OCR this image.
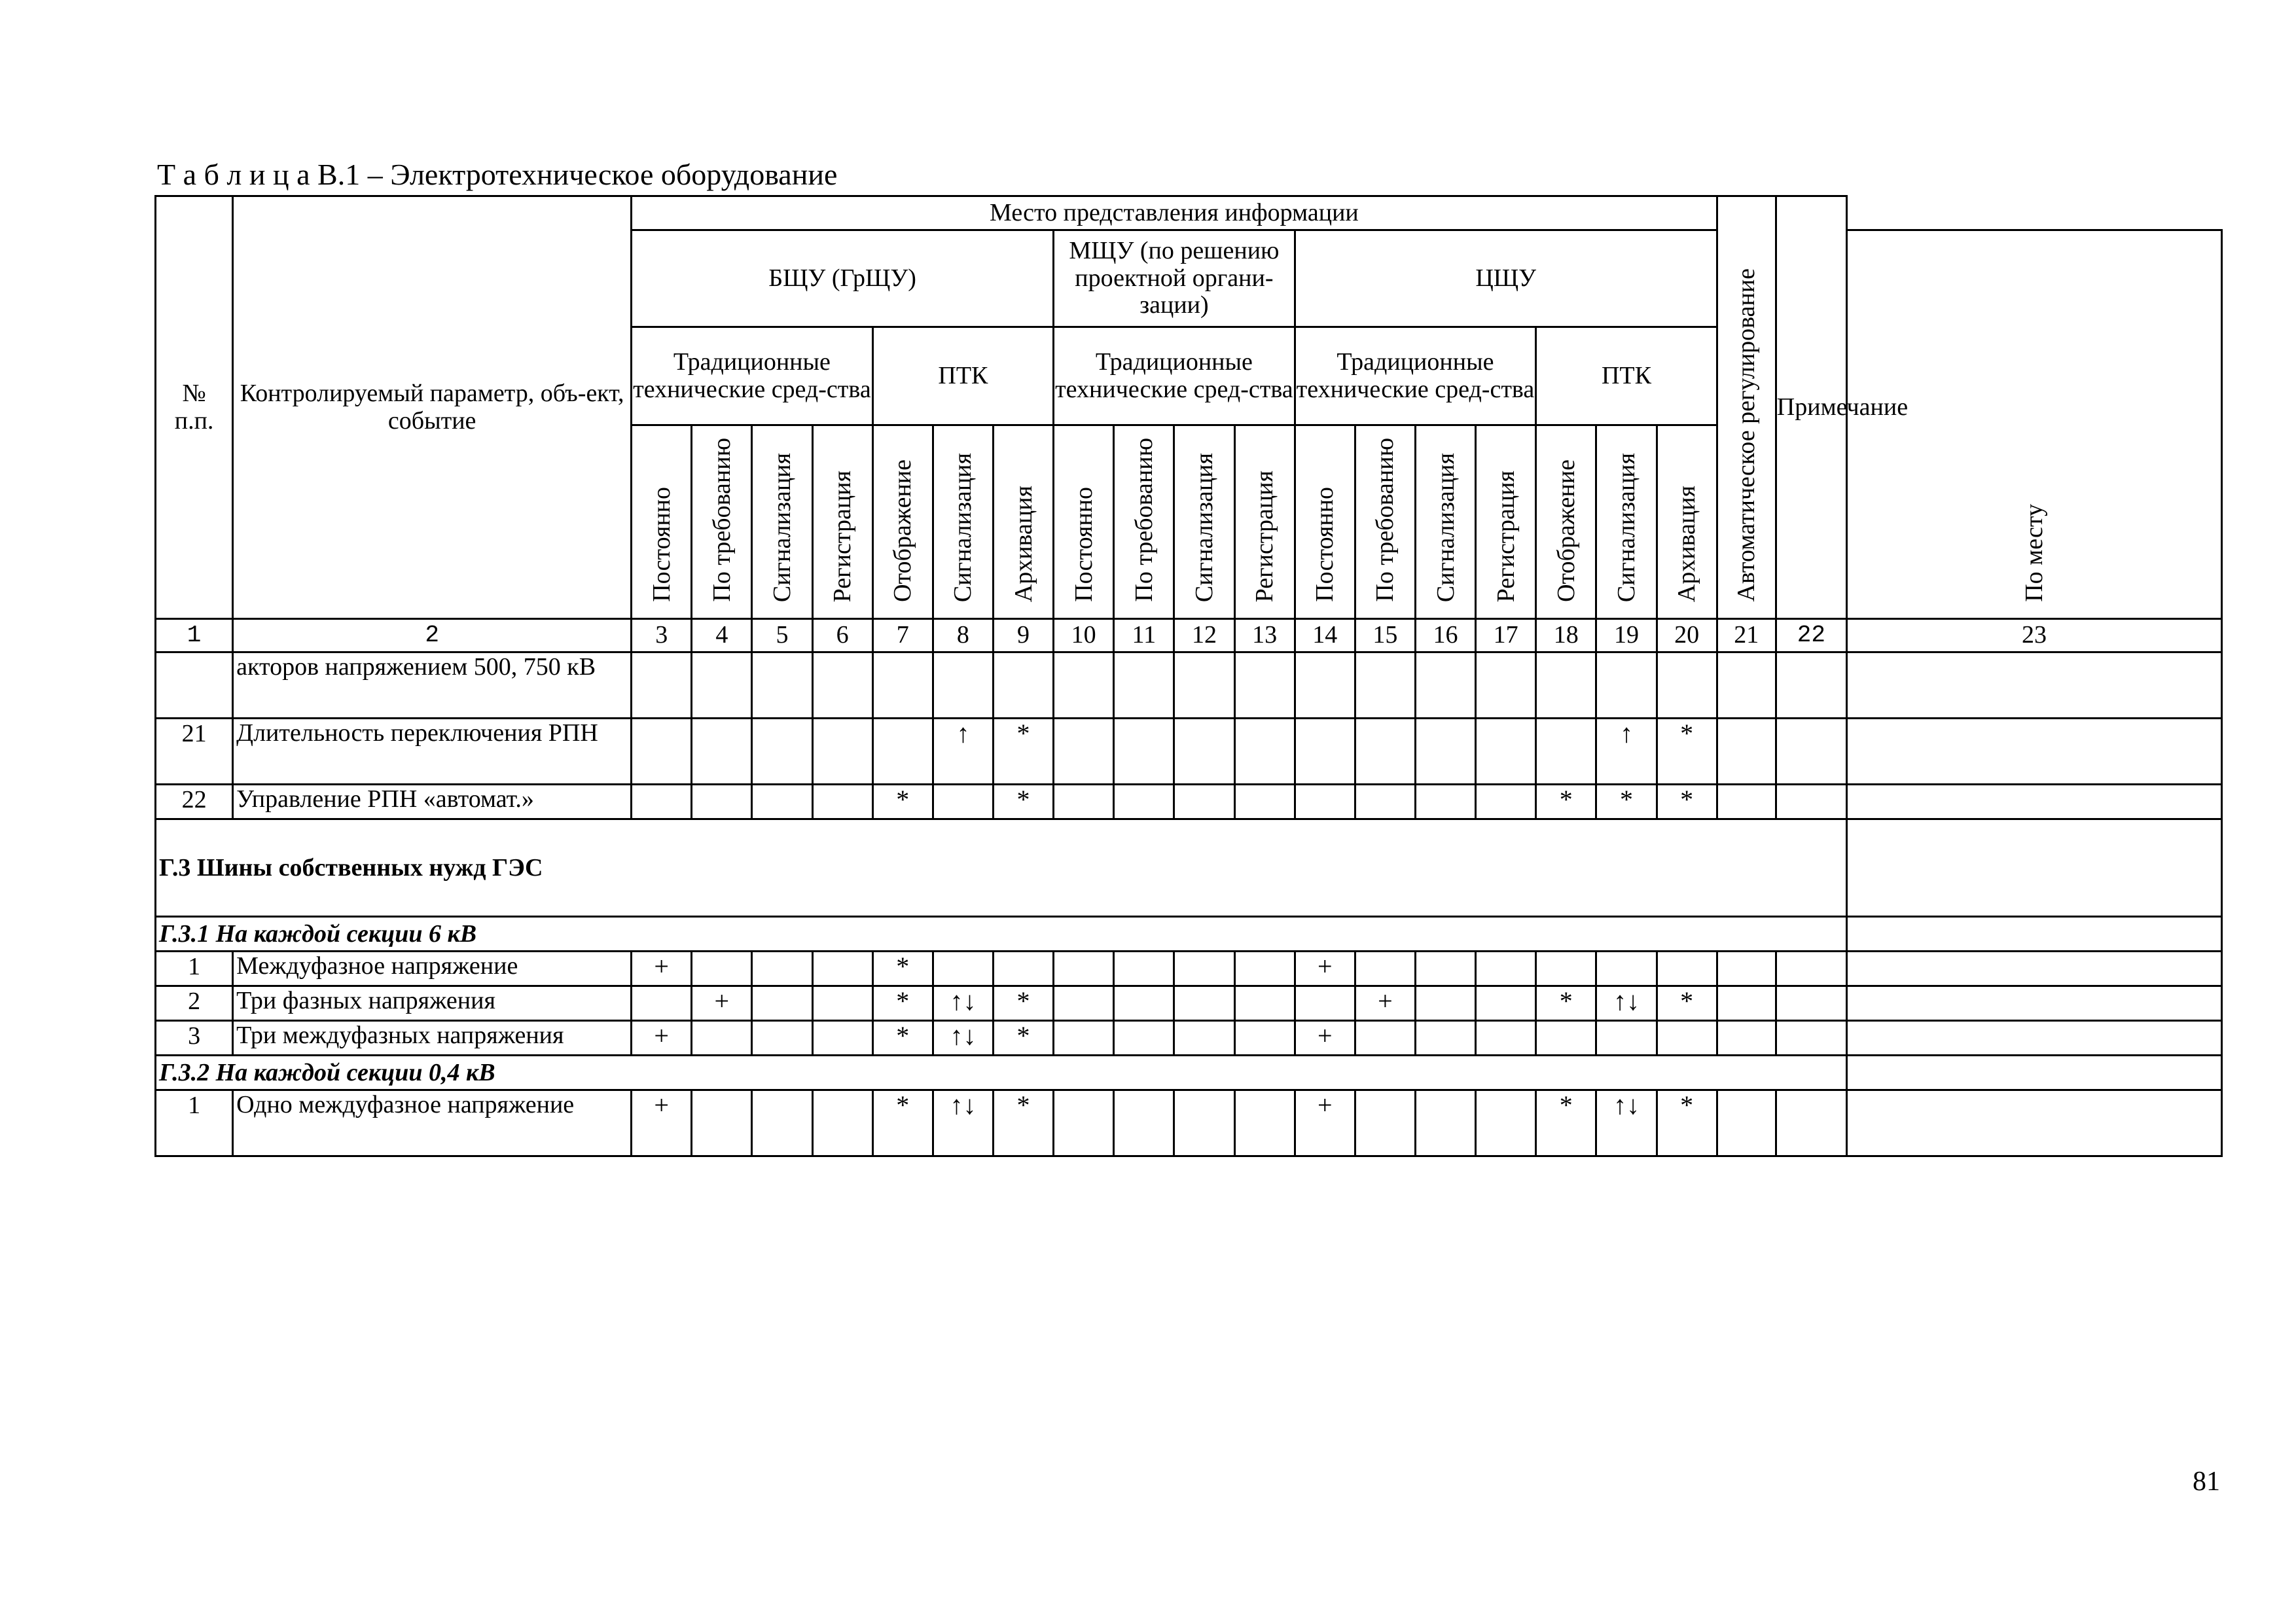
Т а б л и ц а В.1 – Электротехническое оборудование
№
п.п.	Контролируемый параметр, объ-ект, событие	Место представления информации																		Автоматическое регулирование	Примечание	
		БЩУ (ГрЩУ)							МЩУ (по решению проектной органи-зации)				ЦЩУ									По месту
		Традиционные технические сред-ства				ПТК			Традиционные технические сред-ства				Традиционные технические сред-ства				ПТК					
		Постоянно	По требованию	Сигнализация	Регистрация	Отображение	Сигнализация	Архивация	Постоянно	По требованию	Сигнализация	Регистрация	Постоянно	По требованию	Сигнализация	Регистрация	Отображение	Сигнализация	Архивация			
1	2	3	4	5	6	7	8	9	10	11	12	13	14	15	16	17	18	19	20	21	22	23
	акторов напряжением 500, 750 кВ																					
21	Длительность переключения РПН						↑	*										↑	*			
22	Управление РПН «автомат.»					*		*									*	*	*			
Г.3 Шины собственных нужд ГЭС																						
Г.3.1 На каждой секции 6 кВ																						
1	Междуфазное напряжение	+				*							+									
2	Три фазных напряжения		+			*	↑↓	*						+			*	↑↓	*			
3	Три междуфазных напряжения	+				*	↑↓	*					+									
Г.3.2 На каждой секции 0,4 кВ																						
1	Одно междуфазное напряжение	+				*	↑↓	*					+				*	↑↓	*			
81
